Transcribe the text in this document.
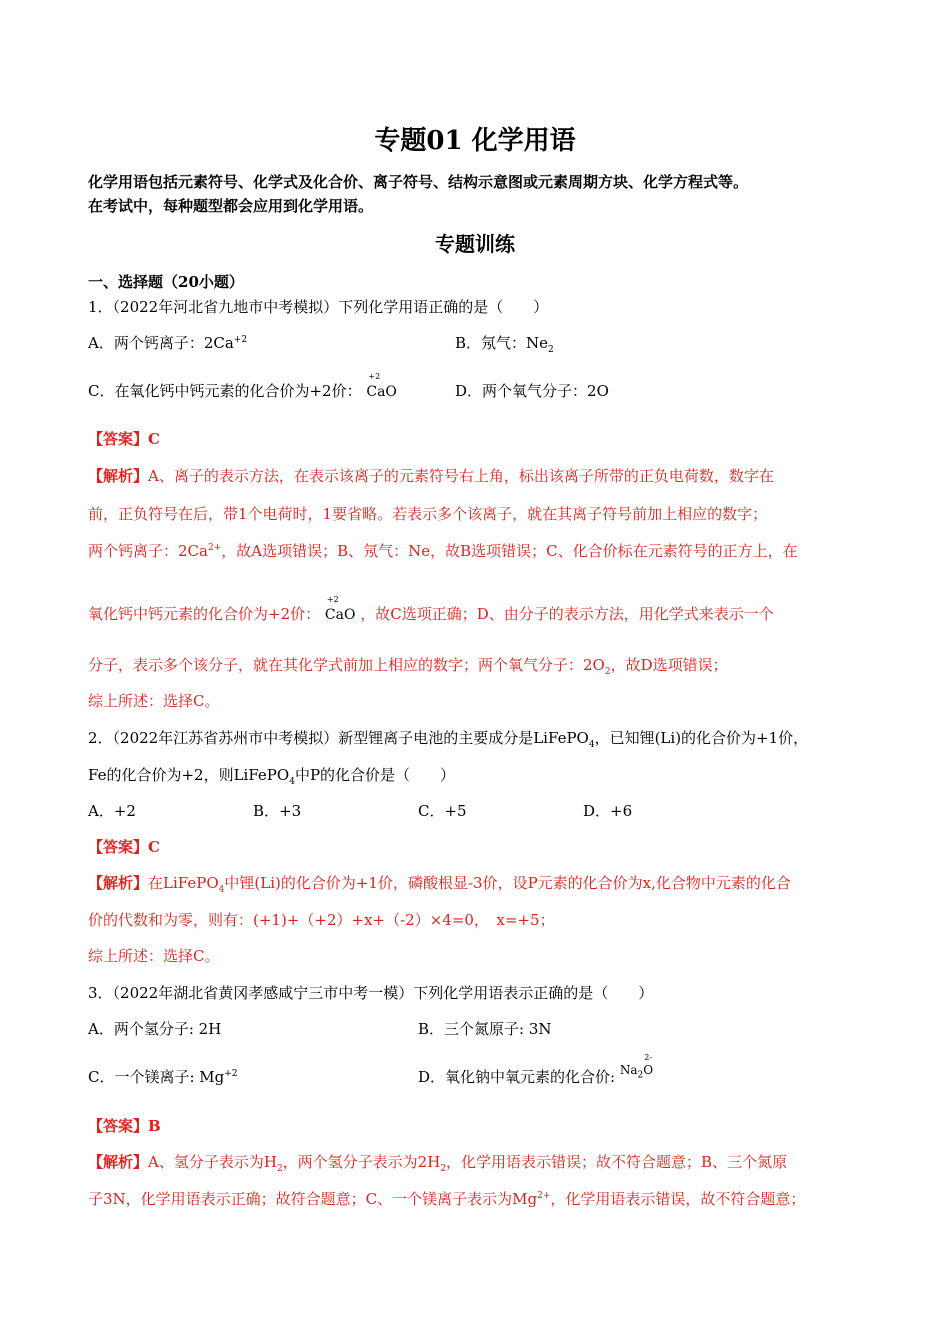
专题01 化学用语
化学用语包括元素符号、化学式及化合价、离子符号、结构示意图或元素周期方块、化学方程式等。
在考试中，每种题型都会应用到化学用语。
专题训练
一、选择题（20小题）
1．（2022年河北省九地市中考模拟）下列化学用语正确的是（　　）
A．两个钙离子：$2Ca^{+2}$	B．氖气：$Ne_2$
C．在氧化钙中钙元素的化合价为+2价：
+2
CaO	D．两个氧气分子：2O
【答案】C
【解析】A、离子的表示方法，在表示该离子的元素符号右上角，标出该离子所带的正负电荷数，数字在
前，正负符号在后，带1个电荷时，1要省略。若表示多个该离子，就在其离子符号前加上相应的数字；
两个钙离子：$2Ca^{2+}$，故A选项错误；B、氖气：Ne，故B选项错误；C、化合价标在元素符号的正方上，在
氧化钙中钙元素的化合价为+2价：
+2
CaO ，故C选项正确；D、由分子的表示方法，用化学式来表示一个
分子，表示多个该分子，就在其化学式前加上相应的数字；两个氧气分子：$2O_2$，故D选项错误；
综上所述：选择C。
2．（2022年江苏省苏州市中考模拟）新型锂离子电池的主要成分是LiFePO$_4$，已知锂(Li)的化合价为+1价，
Fe的化合价为+2，则LiFePO$_4$中P的化合价是（　　）
A．+2	B．+3	C．+5	D．+6
【答案】C
【解析】在LiFePO$_4$中锂(Li)的化合价为+1价，磷酸根显-3价，设P元素的化合价为x,化合物中元素的化合
价的代数和为零，则有：(+1)+（+2）+x+（-2）×4=0，　x=+5；
综上所述：选择C。
3．（2022年湖北省黄冈孝感咸宁三市中考一模）下列化学用语表示正确的是（　　）
A．两个氢分子: 2H	B．三个氮原子: 3N
C．一个镁离子: $Mg^{+2}$	D．氧化钠中氧元素的化合价: $Na_2$
2-
O
【答案】B
【解析】A、氢分子表示为$H_2$，两个氢分子表示为$2H_2$，化学用语表示错误；故不符合题意；B、三个氮原
子3N，化学用语表示正确；故符合题意；C、一个镁离子表示为$Mg^{2+}$，化学用语表示错误，故不符合题意；
